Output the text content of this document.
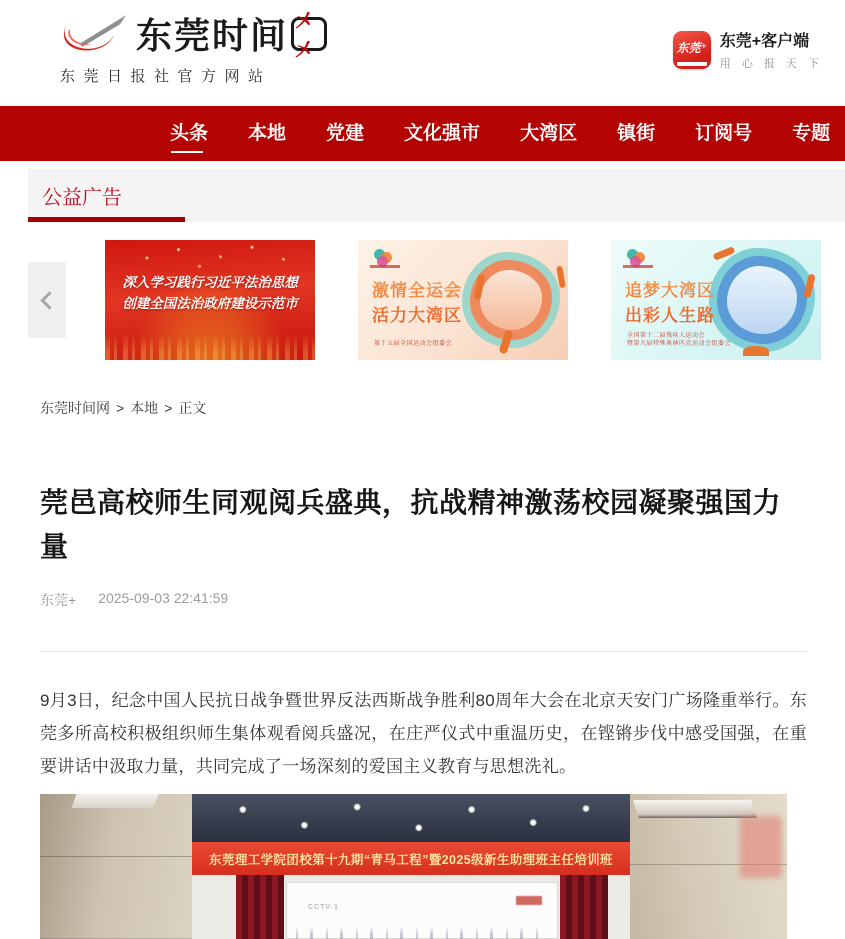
东莞时间 㐅㐅
东莞日报社官方网站
东莞⁺ 东莞+客户端
用 心 报 天 下
头条 本地 党建 文化强市 大湾区 镇街 订阅号 专题
公益广告
深入学习践行习近平法治思想
创建全国法治政府建设示范市
激情全运会
活力大湾区
第十五届全国运动会组委会
追梦大湾区
出彩人生路
全国第十二届残疾人运动会
暨第九届特殊奥林匹克运动会组委会
东莞时间网 > 本地 > 正文
莞邑高校师生同观阅兵盛典，抗战精神激荡校园凝聚强国力量
东莞+ 2025-09-03 22:41:59

9月3日，纪念中国人民抗日战争暨世界反法西斯战争胜利80周年大会在北京天安门广场隆重举行。东莞多所高校积极组织师生集体观看阅兵盛况，在庄严仪式中重温历史，在铿锵步伐中感受国强，在重要讲话中汲取力量，共同完成了一场深刻的爱国主义教育与思想洗礼。

CCTV-1
东莞理工学院团校第十九期“青马工程”暨2025级新生助理班主任培训班
